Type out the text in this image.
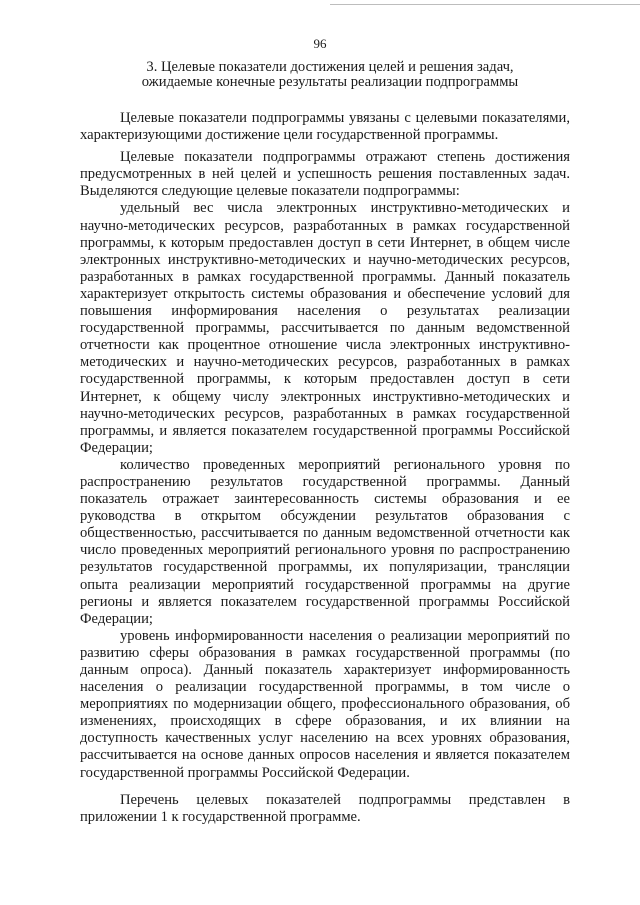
96
3. Целевые показатели достижения целей и решения задач,
ожидаемые конечные результаты реализации подпрограммы

Целевые показатели подпрограммы увязаны с целевыми показателями, характеризующими достижение цели государственной программы.

Целевые показатели подпрограммы отражают степень достижения предусмотренных в ней целей и успешность решения поставленных задач. Выделяются следующие целевые показатели подпрограммы:

удельный вес числа электронных инструктивно-методических и научно-методических ресурсов, разработанных в рамках государственной программы, к которым предоставлен доступ в сети Интернет, в общем числе электронных инструктивно-методических и научно-методических ресурсов, разработанных в рамках государственной программы. Данный показатель характеризует открытость системы образования и обеспечение условий для повышения информирования населения о результатах реализации государственной программы, рассчитывается по данным ведомственной отчетности как процентное отношение числа электронных инструктивно-методических и научно-методических ресурсов, разработанных в рамках государственной программы, к которым предоставлен доступ в сети Интернет, к общему числу электронных инструктивно-методических и научно-методических ресурсов, разработанных в рамках государственной программы, и является показателем государственной программы Российской Федерации;

количество проведенных мероприятий регионального уровня по распространению результатов государственной программы. Данный показатель отражает заинтересованность системы образования и ее руководства в открытом обсуждении результатов образования с общественностью, рассчитывается по данным ведомственной отчетности как число проведенных мероприятий регионального уровня по распространению результатов государственной программы, их популяризации, трансляции опыта реализации мероприятий государственной программы на другие регионы и является показателем государственной программы Российской Федерации;

уровень информированности населения о реализации мероприятий по развитию сферы образования в рамках государственной программы (по данным опроса). Данный показатель характеризует информированность населения о реализации государственной программы, в том числе о мероприятиях по модернизации общего, профессионального образования, об изменениях, происходящих в сфере образования, и их влиянии на доступность качественных услуг населению на всех уровнях образования, рассчитывается на основе данных опросов населения и является показателем государственной программы Российской Федерации.

Перечень целевых показателей подпрограммы представлен в приложении 1 к государственной программе.
